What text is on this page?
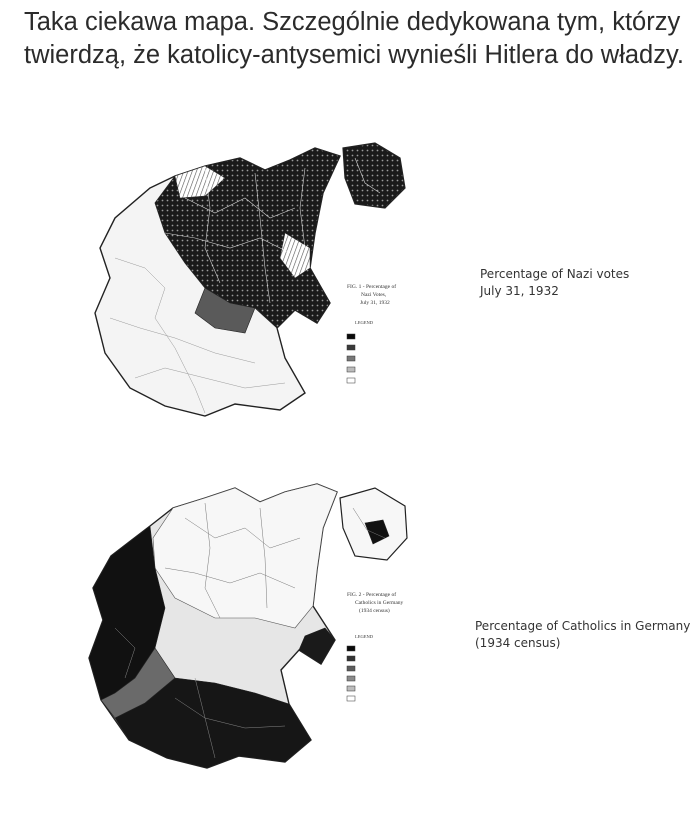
Taka ciekawa mapa. Szczególnie dedykowana tym, którzy twierdzą, że katolicy-antysemici wynieśli Hitlera do władzy.

FIG. 1 - Percentage of
Nazi Votes,
July 31, 1932
LEGEND
Percentage of Nazi votes
July 31, 1932
FIG. 2 - Percentage of
Catholics in Germany
(1934 census)
LEGEND
Percentage of Catholics in Germany
(1934 census)
